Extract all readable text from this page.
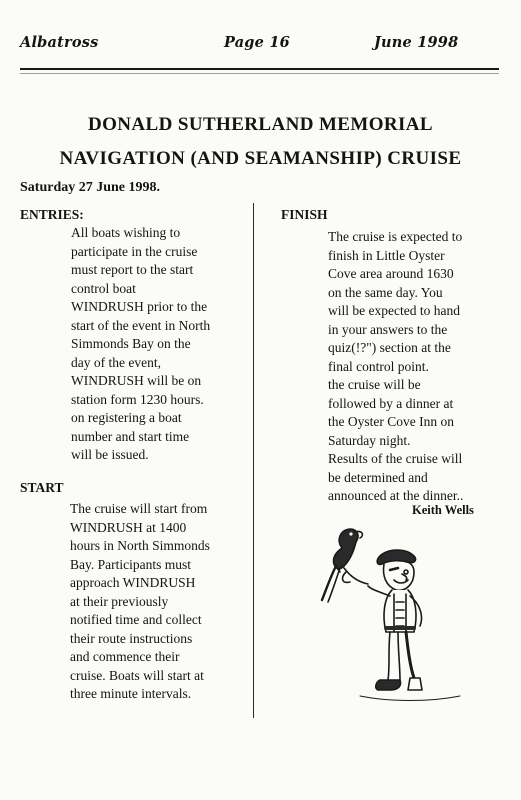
Albatross	Page 16	June 1998
DONALD SUTHERLAND MEMORIAL
NAVIGATION (AND SEAMANSHIP) CRUISE
Saturday 27 June 1998.
ENTRIES:
All boats wishing to
participate in the cruise
must report to the start
control boat
WINDRUSH prior to the
start of the event in North
Simmonds Bay on the
day of the event,
WINDRUSH will be on
station form 1230 hours.
on registering a boat
number and start time
will be issued.
START
The cruise will start from
WINDRUSH at 1400
hours in North Simmonds
Bay. Participants must
approach WINDRUSH
at their previously
notified time and collect
their route instructions
and commence their
cruise. Boats will start at
three minute intervals.
FINISH
The cruise is expected to
finish in Little Oyster
Cove area around 1630
on the same day. You
will be expected to hand
in your answers to the
quiz(!?") section at the
final control point.
the cruise will be
followed by a dinner at
the Oyster Cove Inn on
Saturday night.
Results of the cruise will
be determined and
announced at the dinner..
Keith Wells
